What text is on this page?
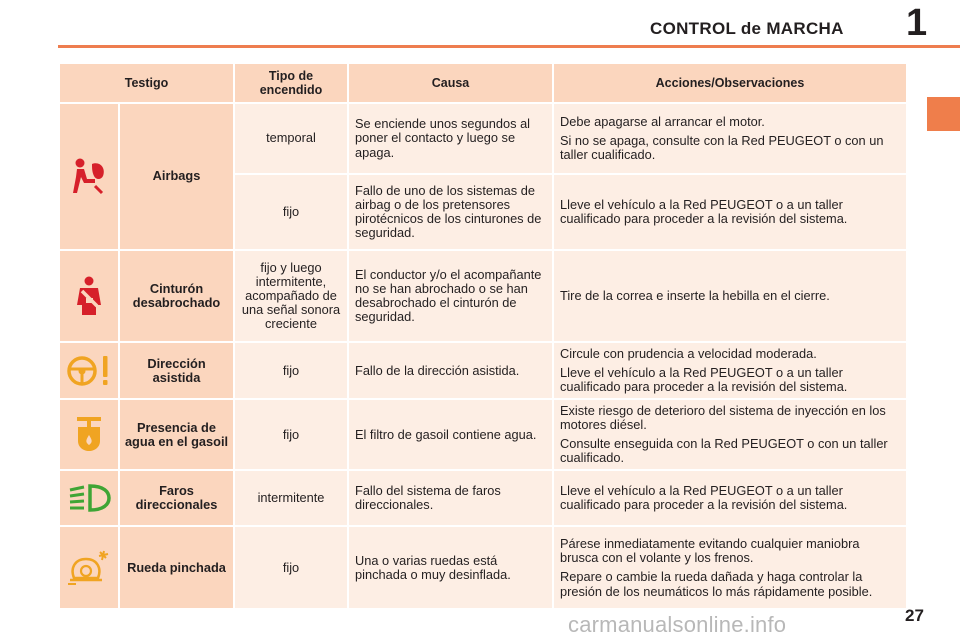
CONTROL de MARCHA 1
Testigo		Tipo de encendido	Causa	Acciones/Observaciones
	Airbags	temporal	Se enciende unos segundos al poner el contacto y luego se apaga.	Debe apagarse al arrancar el motor.

Si no se apaga, consulte con la Red PEUGEOT o con un taller cualificado.

		fijo	Fallo de uno de los sistemas de airbag o de los pretensores pirotécnicos de los cinturones de seguridad.	Lleve el vehículo a la Red PEUGEOT o a un taller cualificado para proceder a la revisión del sistema.

	Cinturón desabrochado	fijo y luego intermitente, acompañado de una señal sonora creciente	El conductor y/o el acompañante no se han abrochado o se han desabrochado el cinturón de seguridad.	Tire de la correa e inserte la hebilla en el cierre.

	Dirección asistida	fijo	Fallo de la dirección asistida.	Circule con prudencia a velocidad moderada.

Lleve el vehículo a la Red PEUGEOT o a un taller cualificado para proceder a la revisión del sistema.

	Presencia de agua en el gasoil	fijo	El filtro de gasoil contiene agua.	Existe riesgo de deterioro del sistema de inyección en los motores diésel.

Consulte enseguida con la Red PEUGEOT o con un taller cualificado.

	Faros direccionales	intermitente	Fallo del sistema de faros direccionales.	Lleve el vehículo a la Red PEUGEOT o a un taller cualificado para proceder a la revisión del sistema.

	Rueda pinchada	fijo	Una o varias ruedas está pinchada o muy desinflada.	Párese inmediatamente evitando cualquier maniobra brusca con el volante y los frenos.

Repare o cambie la rueda dañada y haga controlar la presión de los neumáticos lo más rápidamente posible.

27
carmanualsonline.info
